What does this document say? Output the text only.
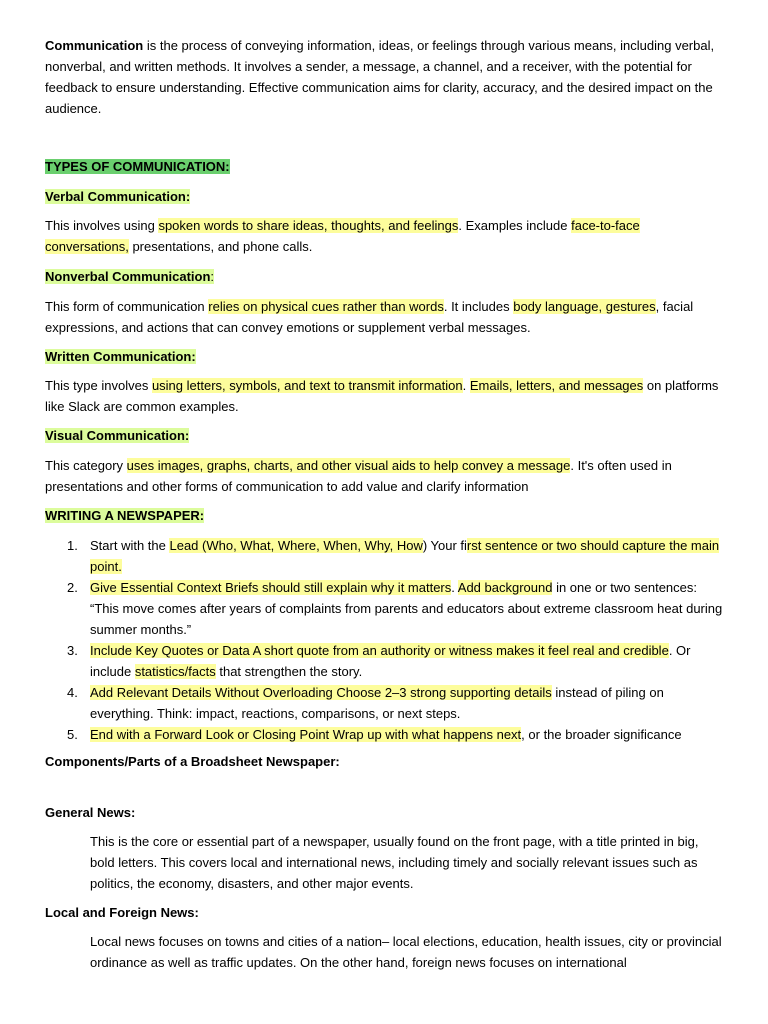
Communication is the process of conveying information, ideas, or feelings through various means, including verbal, nonverbal, and written methods. It involves a sender, a message, a channel, and a receiver, with the potential for feedback to ensure understanding. Effective communication aims for clarity, accuracy, and the desired impact on the audience.

TYPES OF COMMUNICATION:

Verbal Communication:

This involves using spoken words to share ideas, thoughts, and feelings. Examples include face-to-face conversations, presentations, and phone calls.

Nonverbal Communication:

This form of communication relies on physical cues rather than words. It includes body language, gestures, facial expressions, and actions that can convey emotions or supplement verbal messages.

Written Communication:

This type involves using letters, symbols, and text to transmit information. Emails, letters, and messages on platforms like Slack are common examples.

Visual Communication:

This category uses images, graphs, charts, and other visual aids to help convey a message. It's often used in presentations and other forms of communication to add value and clarify information

WRITING A NEWSPAPER:

1. Start with the Lead (Who, What, Where, When, Why, How) Your first sentence or two should capture the main point.
2. Give Essential Context Briefs should still explain why it matters. Add background in one or two sentences: “This move comes after years of complaints from parents and educators about extreme classroom heat during summer months.”
3. Include Key Quotes or Data A short quote from an authority or witness makes it feel real and credible. Or include statistics/facts that strengthen the story.
4. Add Relevant Details Without Overloading Choose 2–3 strong supporting details instead of piling on everything. Think: impact, reactions, comparisons, or next steps.
5. End with a Forward Look or Closing Point Wrap up with what happens next, or the broader significance

Components/Parts of a Broadsheet Newspaper:

General News:

This is the core or essential part of a newspaper, usually found on the front page, with a title printed in big, bold letters. This covers local and international news, including timely and socially relevant issues such as politics, the economy, disasters, and other major events.

Local and Foreign News:

Local news focuses on towns and cities of a nation– local elections, education, health issues, city or provincial ordinance as well as traffic updates. On the other hand, foreign news focuses on international
